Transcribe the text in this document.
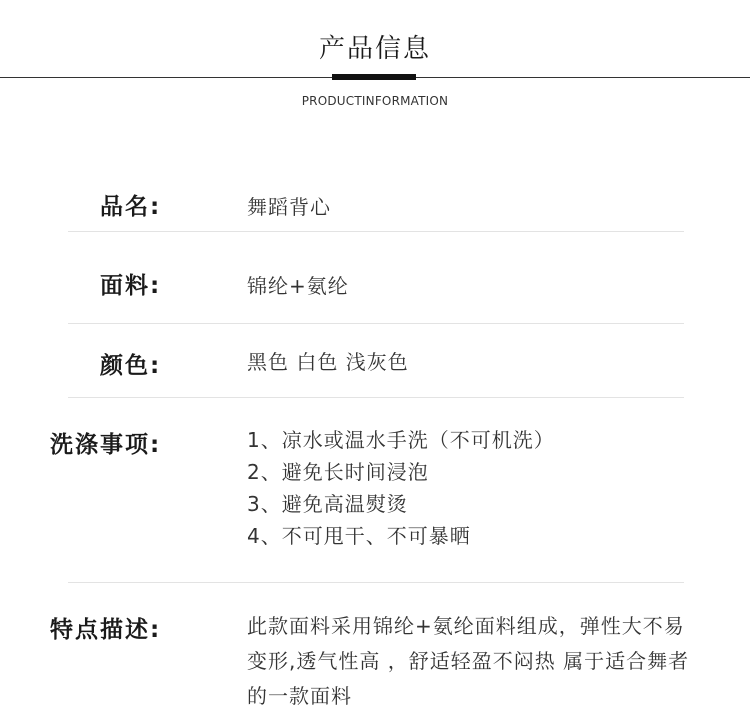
产品信息
PRODUCTINFORMATION
品名:	舞蹈背心
面料:	锦纶+氨纶
颜色:	黑色 白色 浅灰色
洗涤事项:	1、凉水或温水手洗（不可机洗）
2、避免长时间浸泡
3、避免高温熨烫
4、不可甩干、不可暴晒
特点描述:	此款面料采用锦纶+氨纶面料组成，弹性大不易
变形,透气性高 ，舒适轻盈不闷热 属于适合舞者
的一款面料
